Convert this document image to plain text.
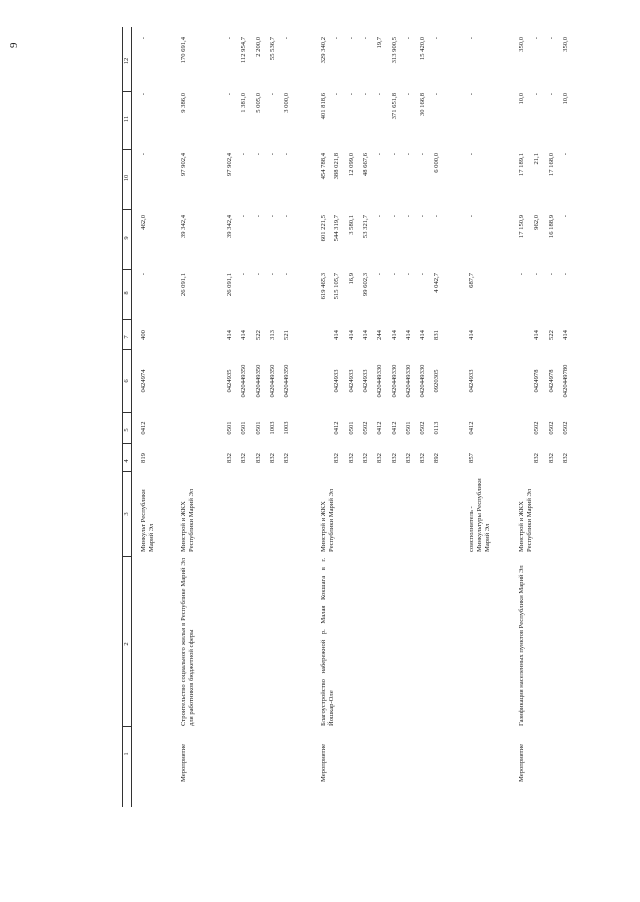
9
1
2
3
4
5
6
7
8
9
10
11
12
Минкульт Республики Марий Эл
819
0412
0424974
400
-
462,0
-
-
-
Мероприятие
Строительство социального жилья в Республике Марий Эл для работников бюджетной сферы
Минстрой и ЖКХ Республики Марий Эл
26 091,1
39 342,4
97 902,4
9 386,0
170 691,4
832
0501
0424935
414
26 091,1
39 342,4
97 902,4
-
-
832
0501
0420449350
414
-
-
-
1 381,0
112 954,7
832
0501
0420449350
522
-
-
-
5 005,0
2 200,0
832
1003
0420449350
313
-
-
-
-
55 536,7
832
1003
0420449350
521
-
-
-
3 000,0
-
Мероприятие
Благоустройство набережной р. Малая Кокшага в г. Йошкар-Оле
Минстрой и ЖКХ Республики Марий Эл
619 465,3
601 221,5
454 788,4
401 818,6
329 340,2
832
0412
0424933
414
515 105,7
544 319,7
388 021,8
-
-
832
0501
0424933
414
16,9
3 580,1
12 099,0
-
-
832
0502
0424933
414
99 602,3
53 321,7
48 667,6
-
-
832
0412
0420449330
244
-
-
-
-
19,7
832
0412
0420449330
414
-
-
-
371 651,8
313 900,5
832
0501
0420449330
414
-
-
-
-
-
832
0502
0420449330
414
-
-
-
30 166,8
15 420,0
892
0113
0920305
831
4 042,7
-
6 000,0
-
-
соисполнитель - Минкультуры Республики Марий Эл
857
0412
0424933
414
687,7
-
-
-
-
Мероприятие
Газификация населенных пунктов Республики Марий Эл
Минстрой и ЖКХ Республики Марий Эл
-
17 150,9
17 189,1
10,0
350,0
832
0502
0424978
414
-
962,0
21,1
-
-
832
0502
0424978
522
-
16 188,9
17 168,0
-
-
832
0502
0420449780
414
-
-
-
10,0
350,0
